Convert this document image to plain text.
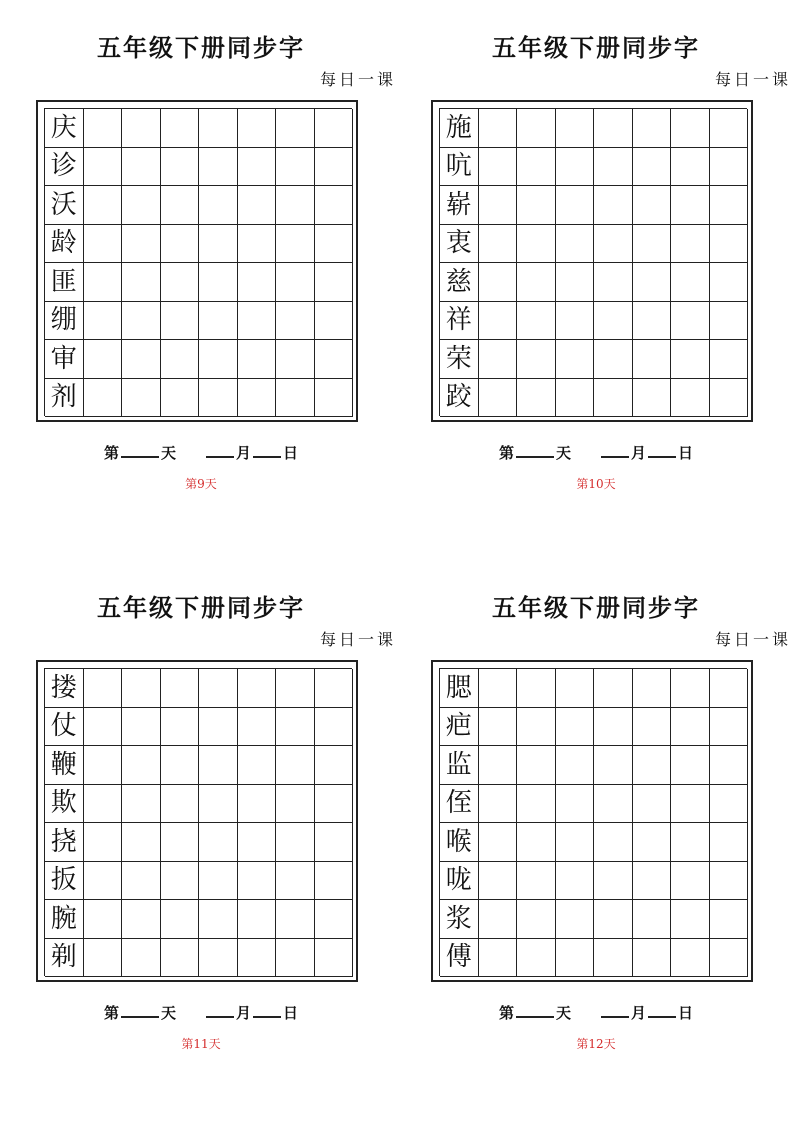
五年级下册同步字
每日一课
庆
诊
沃
龄
匪
绷
审
剂
第	天	月 日
第9天
五年级下册同步字
每日一课
施
吭
崭
衷
慈
祥
荣
跤
第	天	月 日
第10天
五年级下册同步字
每日一课
搂
仗
鞭
欺
挠
扳
腕
剃
第	天	月 日
第11天
五年级下册同步字
每日一课
腮
疤
监
侄
喉
咙
浆
傅
第	天	月 日
第12天
